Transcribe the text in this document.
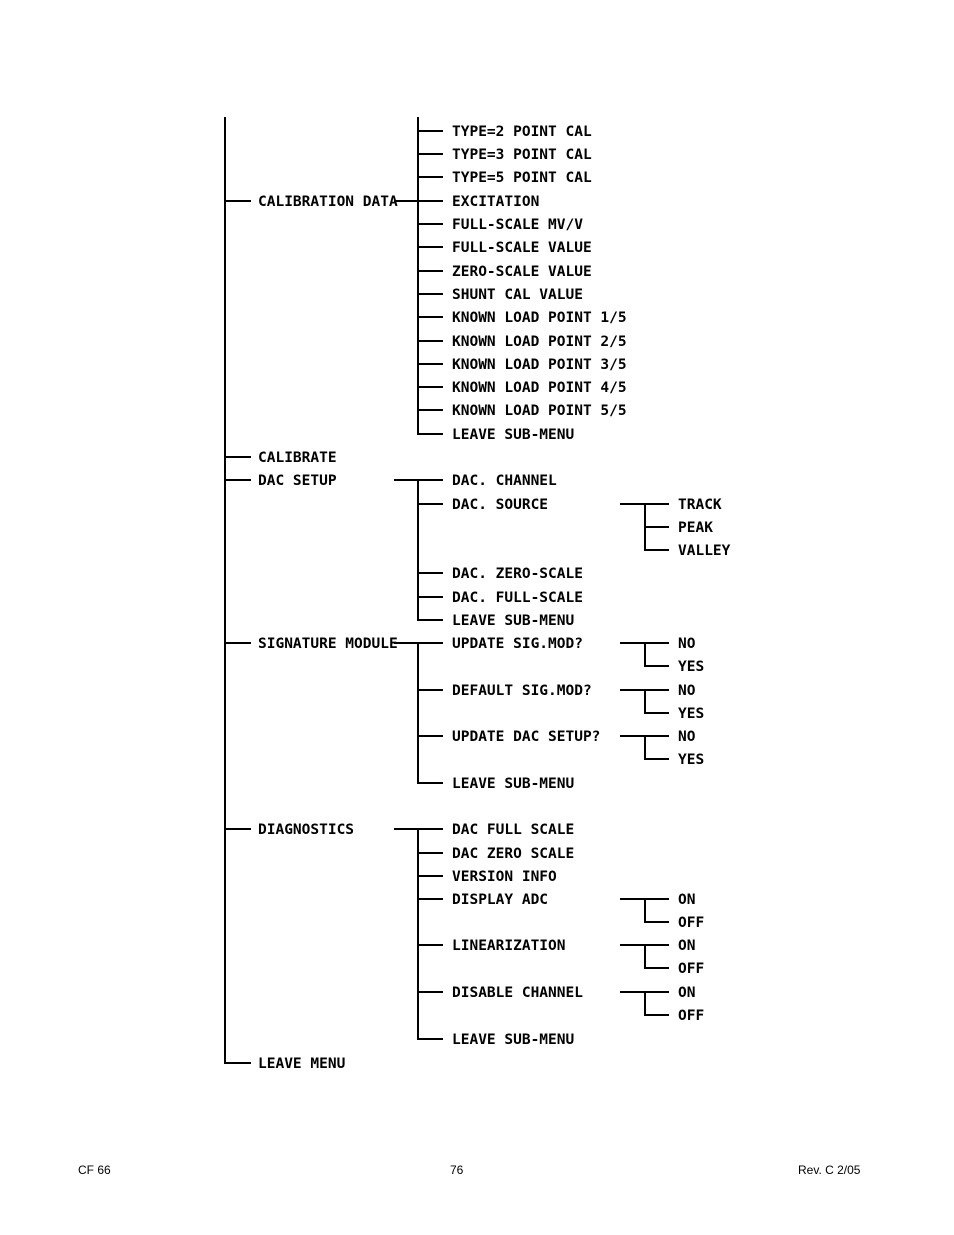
CALIBRATION DATA
CALIBRATE
DAC SETUP
SIGNATURE MODULE
DIAGNOSTICS
LEAVE MENU
TYPE=2 POINT CAL
TYPE=3 POINT CAL
TYPE=5 POINT CAL
EXCITATION
FULL-SCALE MV/V
FULL-SCALE VALUE
ZERO-SCALE VALUE
SHUNT CAL VALUE
KNOWN LOAD POINT 1/5
KNOWN LOAD POINT 2/5
KNOWN LOAD POINT 3/5
KNOWN LOAD POINT 4/5
KNOWN LOAD POINT 5/5
LEAVE SUB-MENU
DAC. CHANNEL
DAC. SOURCE
DAC. ZERO-SCALE
DAC. FULL-SCALE
LEAVE SUB-MENU
UPDATE SIG.MOD?
DEFAULT SIG.MOD?
UPDATE DAC SETUP?
LEAVE SUB-MENU
DAC FULL SCALE
DAC ZERO SCALE
VERSION INFO
DISPLAY ADC
LINEARIZATION
DISABLE CHANNEL
LEAVE SUB-MENU
TRACK
PEAK
VALLEY
NO
YES
NO
YES
NO
YES
ON
OFF
ON
OFF
ON
OFF
CF 66	76	Rev. C 2/05
